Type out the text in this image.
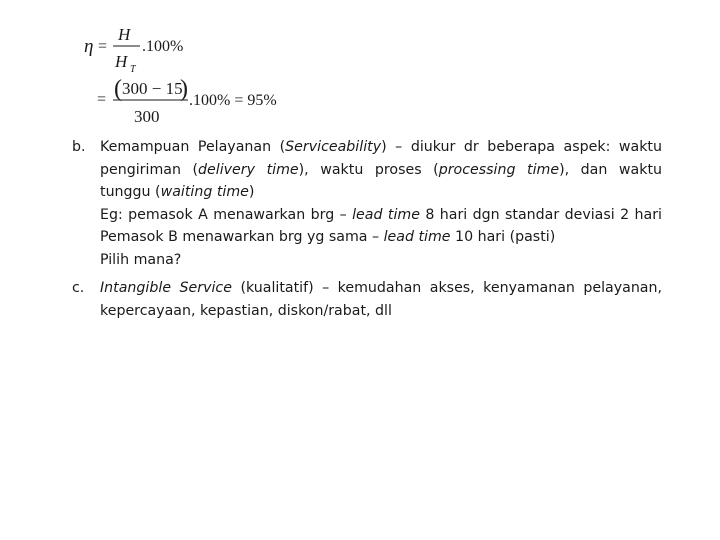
η =
H
H T
.100%
= ( 300 − 15
)
300
.100% = 95%
b. Kemampuan Pelayanan (Serviceability) – diukur dr beberapa aspek: waktu
pengiriman (delivery time), waktu proses (processing time), dan waktu
tunggu (waiting time)
Eg: pemasok A menawarkan brg – lead time 8 hari dgn standar deviasi 2 hari
Pemasok B menawarkan brg yg sama – lead time 10 hari (pasti)
Pilih mana?
c. Intangible Service (kualitatif) – kemudahan akses, kenyamanan pelayanan,
kepercayaan, kepastian, diskon/rabat, dll
